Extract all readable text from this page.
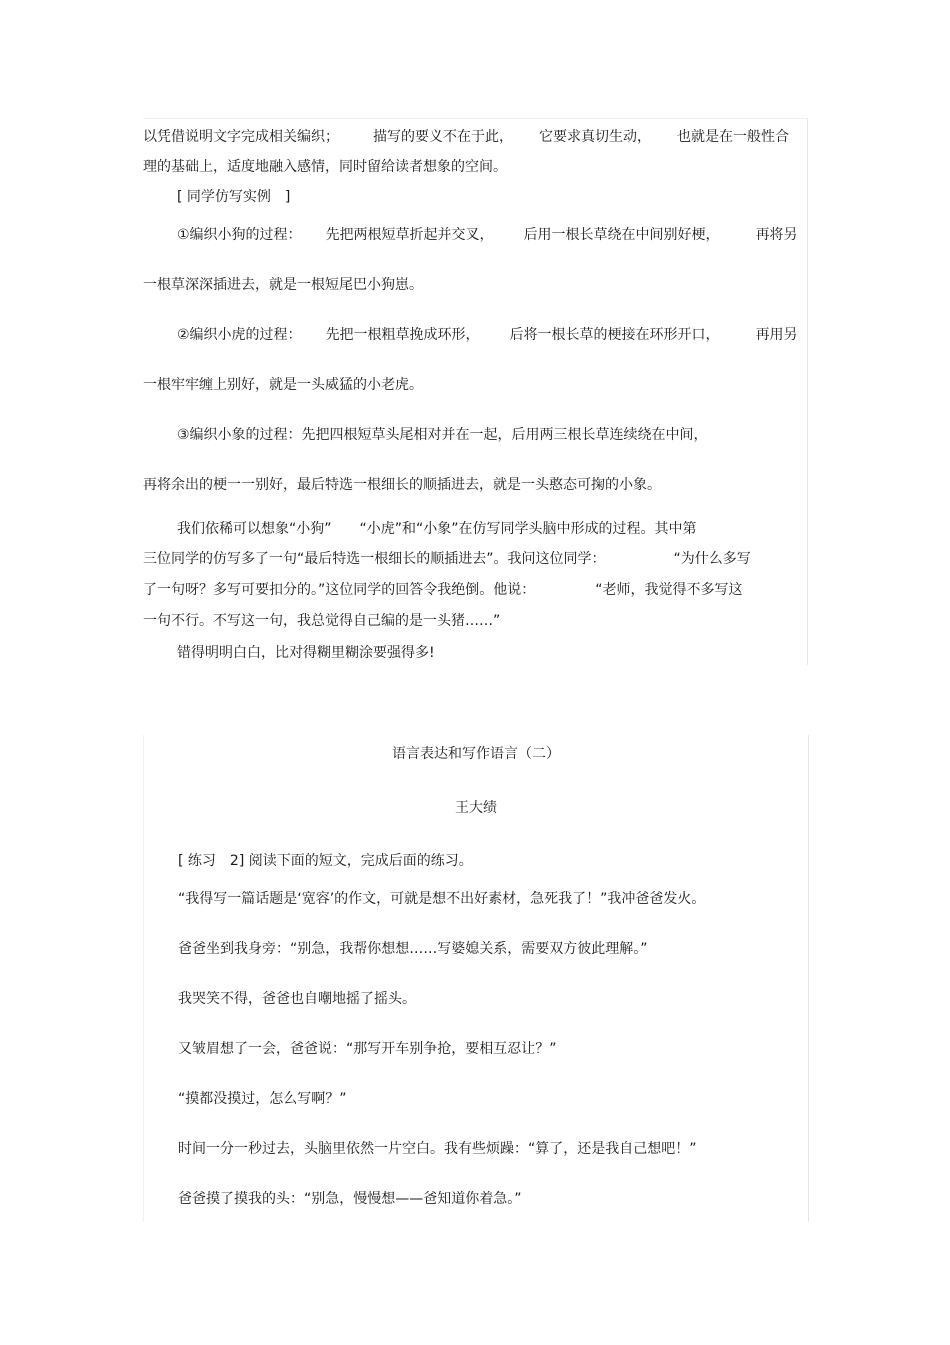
以凭借说明文字完成相关编织； 描写的要义不在于此， 它要求真切生动， 也就是在一般性合
理的基础上，适度地融入感情，同时留给读者想象的空间。
[ 同学仿写实例　]
①编织小狗的过程： 先把两根短草折起并交叉， 后用一根长草绕在中间别好梗，	再将另
一根草深深插进去，就是一根短尾巴小狗崽。
②编织小虎的过程： 先把一根粗草挽成环形， 后将一根长草的梗接在环形开口，	再用另
一根牢牢缠上别好，就是一头威猛的小老虎。
③编织小象的过程：先把四根短草头尾相对并在一起，后用两三根长草连续绕在中间，
再将余出的梗一一别好，最后特选一根细长的顺插进去，就是一头憨态可掬的小象。
我们依稀可以想象“小狗” “小虎”和“小象”在仿写同学头脑中形成的过程。其中第
三位同学的仿写多了一句“最后特选一根细长的顺插进去”。我问这位同学：	“为什么多写
了一句呀？多写可要扣分的。”这位同学的回答令我绝倒。他说：	“老师，我觉得不多写这
一句不行。不写这一句，我总觉得自己编的是一头猪……”
错得明明白白，比对得糊里糊涂要强得多!
语言表达和写作语言（二）
王大绩
[ 练习　2] 阅读下面的短文，完成后面的练习。
“我得写一篇话题是‘宽容’的作文，可就是想不出好素材，急死我了！”我冲爸爸发火。
爸爸坐到我身旁：“别急，我帮你想想……写婆媳关系，需要双方彼此理解。”
我哭笑不得，爸爸也自嘲地摇了摇头。
又皱眉想了一会，爸爸说：“那写开车别争抢，要相互忍让？”
“摸都没摸过，怎么写啊？”
时间一分一秒过去，头脑里依然一片空白。我有些烦躁：“算了，还是我自己想吧！”
爸爸摸了摸我的头：“别急，慢慢想——爸知道你着急。”
